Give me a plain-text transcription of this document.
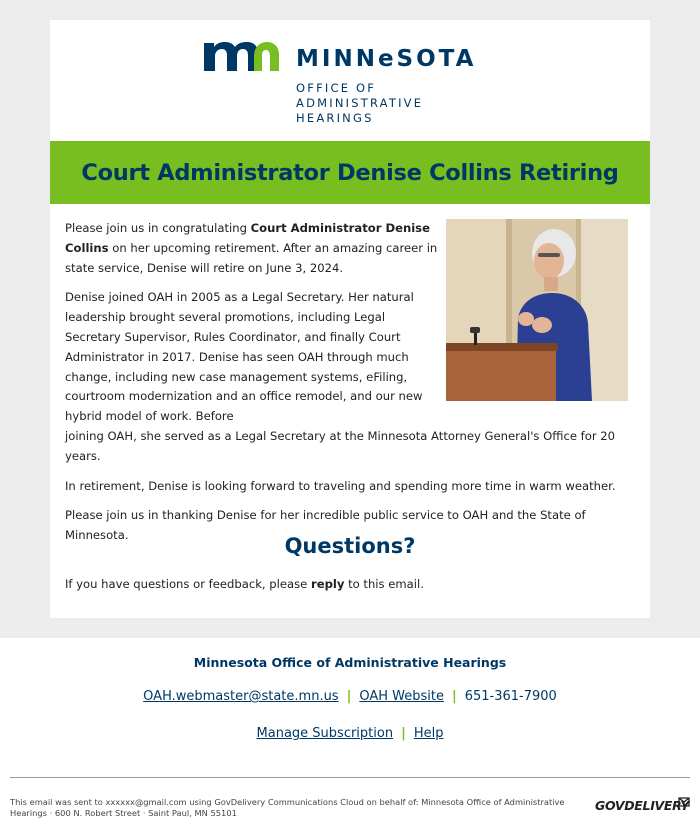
MINNeSOTA
OFFICE OF
ADMINISTRATIVE
HEARINGS
Court Administrator Denise Collins Retiring

Please join us in congratulating Court Administrator Denise Collins on her upcoming retirement. After an amazing career in state service, Denise will retire on June 3, 2024.

Denise joined OAH in 2005 as a Legal Secretary. Her natural leadership brought several promotions, including Legal Secretary Supervisor, Rules Coordinator, and finally Court Administrator in 2017. Denise has seen OAH through much change, including new case management systems, eFiling, courtroom modernization and an office remodel, and our new hybrid model of work. Before
joining OAH, she served as a Legal Secretary at the Minnesota Attorney General's Office for 20 years.

In retirement, Denise is looking forward to traveling and spending more time in warm weather.

Please join us in thanking Denise for her incredible public service to OAH and the State of Minnesota.	Questions?
If you have questions or feedback, please reply to this email.
Minnesota Office of Administrative Hearings
OAH.webmaster@state.mn.us | OAH Website | 651-361-7900
Manage Subscription | Help
This email was sent to xxxxxx@gmail.com using GovDelivery Communications Cloud on behalf of: Minnesota Office of Administrative Hearings · 600 N. Robert Street · Saint Paul, MN 55101	GOVDELIVERY
